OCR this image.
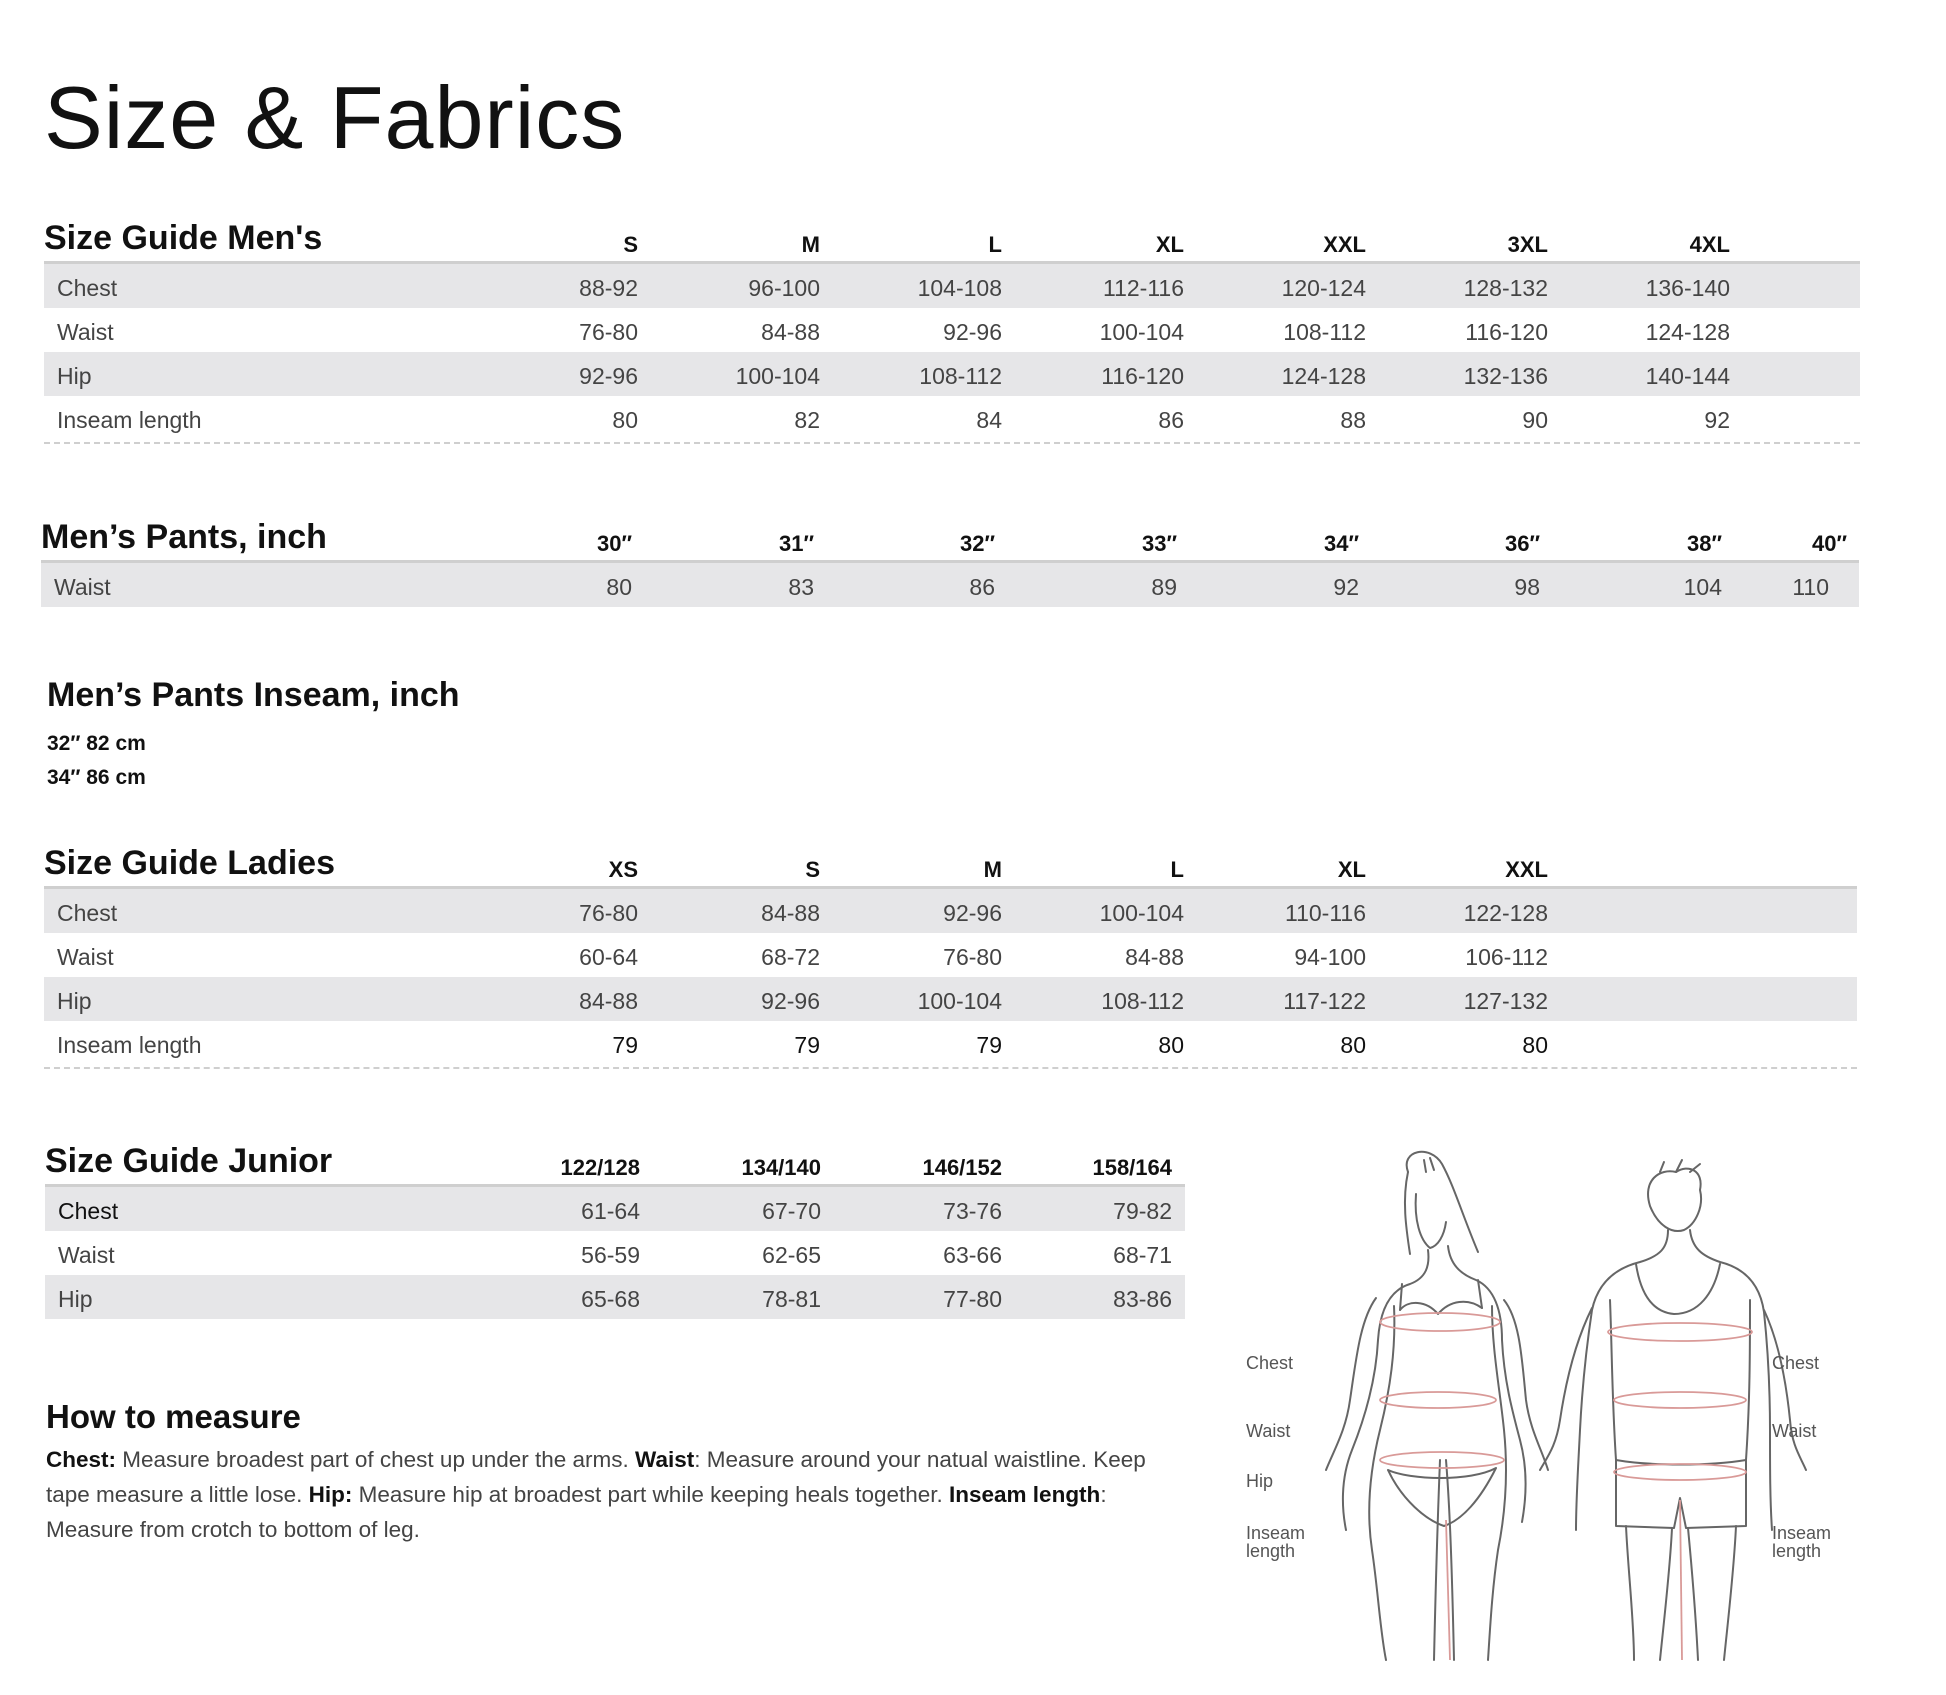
Size & Fabrics
Size Guide Men's	S	M	L	XL	XXL	3XL	4XL
Chest	88-92	96-100	104-108	112-116	120-124	128-132	136-140
Waist	76-80	84-88	92-96	100-104	108-112	116-120	124-128
Hip	92-96	100-104	108-112	116-120	124-128	132-136	140-144
Inseam length	80	82	84	86	88	90	92
Men’s Pants, inch	30″	31″	32″	33″	34″	36″	38″	40″
Waist	80	83	86	89	92	98	104	110
Men’s Pants Inseam, inch
32″ 82 cm
34″ 86 cm
Size Guide Ladies	XS	S	M	L	XL	XXL
Chest	76-80	84-88	92-96	100-104	110-116	122-128
Waist	60-64	68-72	76-80	84-88	94-100	106-112
Hip	84-88	92-96	100-104	108-112	117-122	127-132
Inseam length	79	79	79	80	80	80
Size Guide Junior	122/128	134/140	146/152	158/164
Chest	61-64	67-70	73-76	79-82
Waist	56-59	62-65	63-66	68-71
Hip	65-68	78-81	77-80	83-86
How to measure
Chest: Measure broadest part of chest up under the arms. Waist: Measure around your natual waistline. Keep tape measure a little lose. Hip: Measure hip at broadest part while keeping heals together. Inseam length: Measure from crotch to bottom of leg.
Chest
Waist
Hip
Inseam
length
Chest
Waist
Inseam
length
